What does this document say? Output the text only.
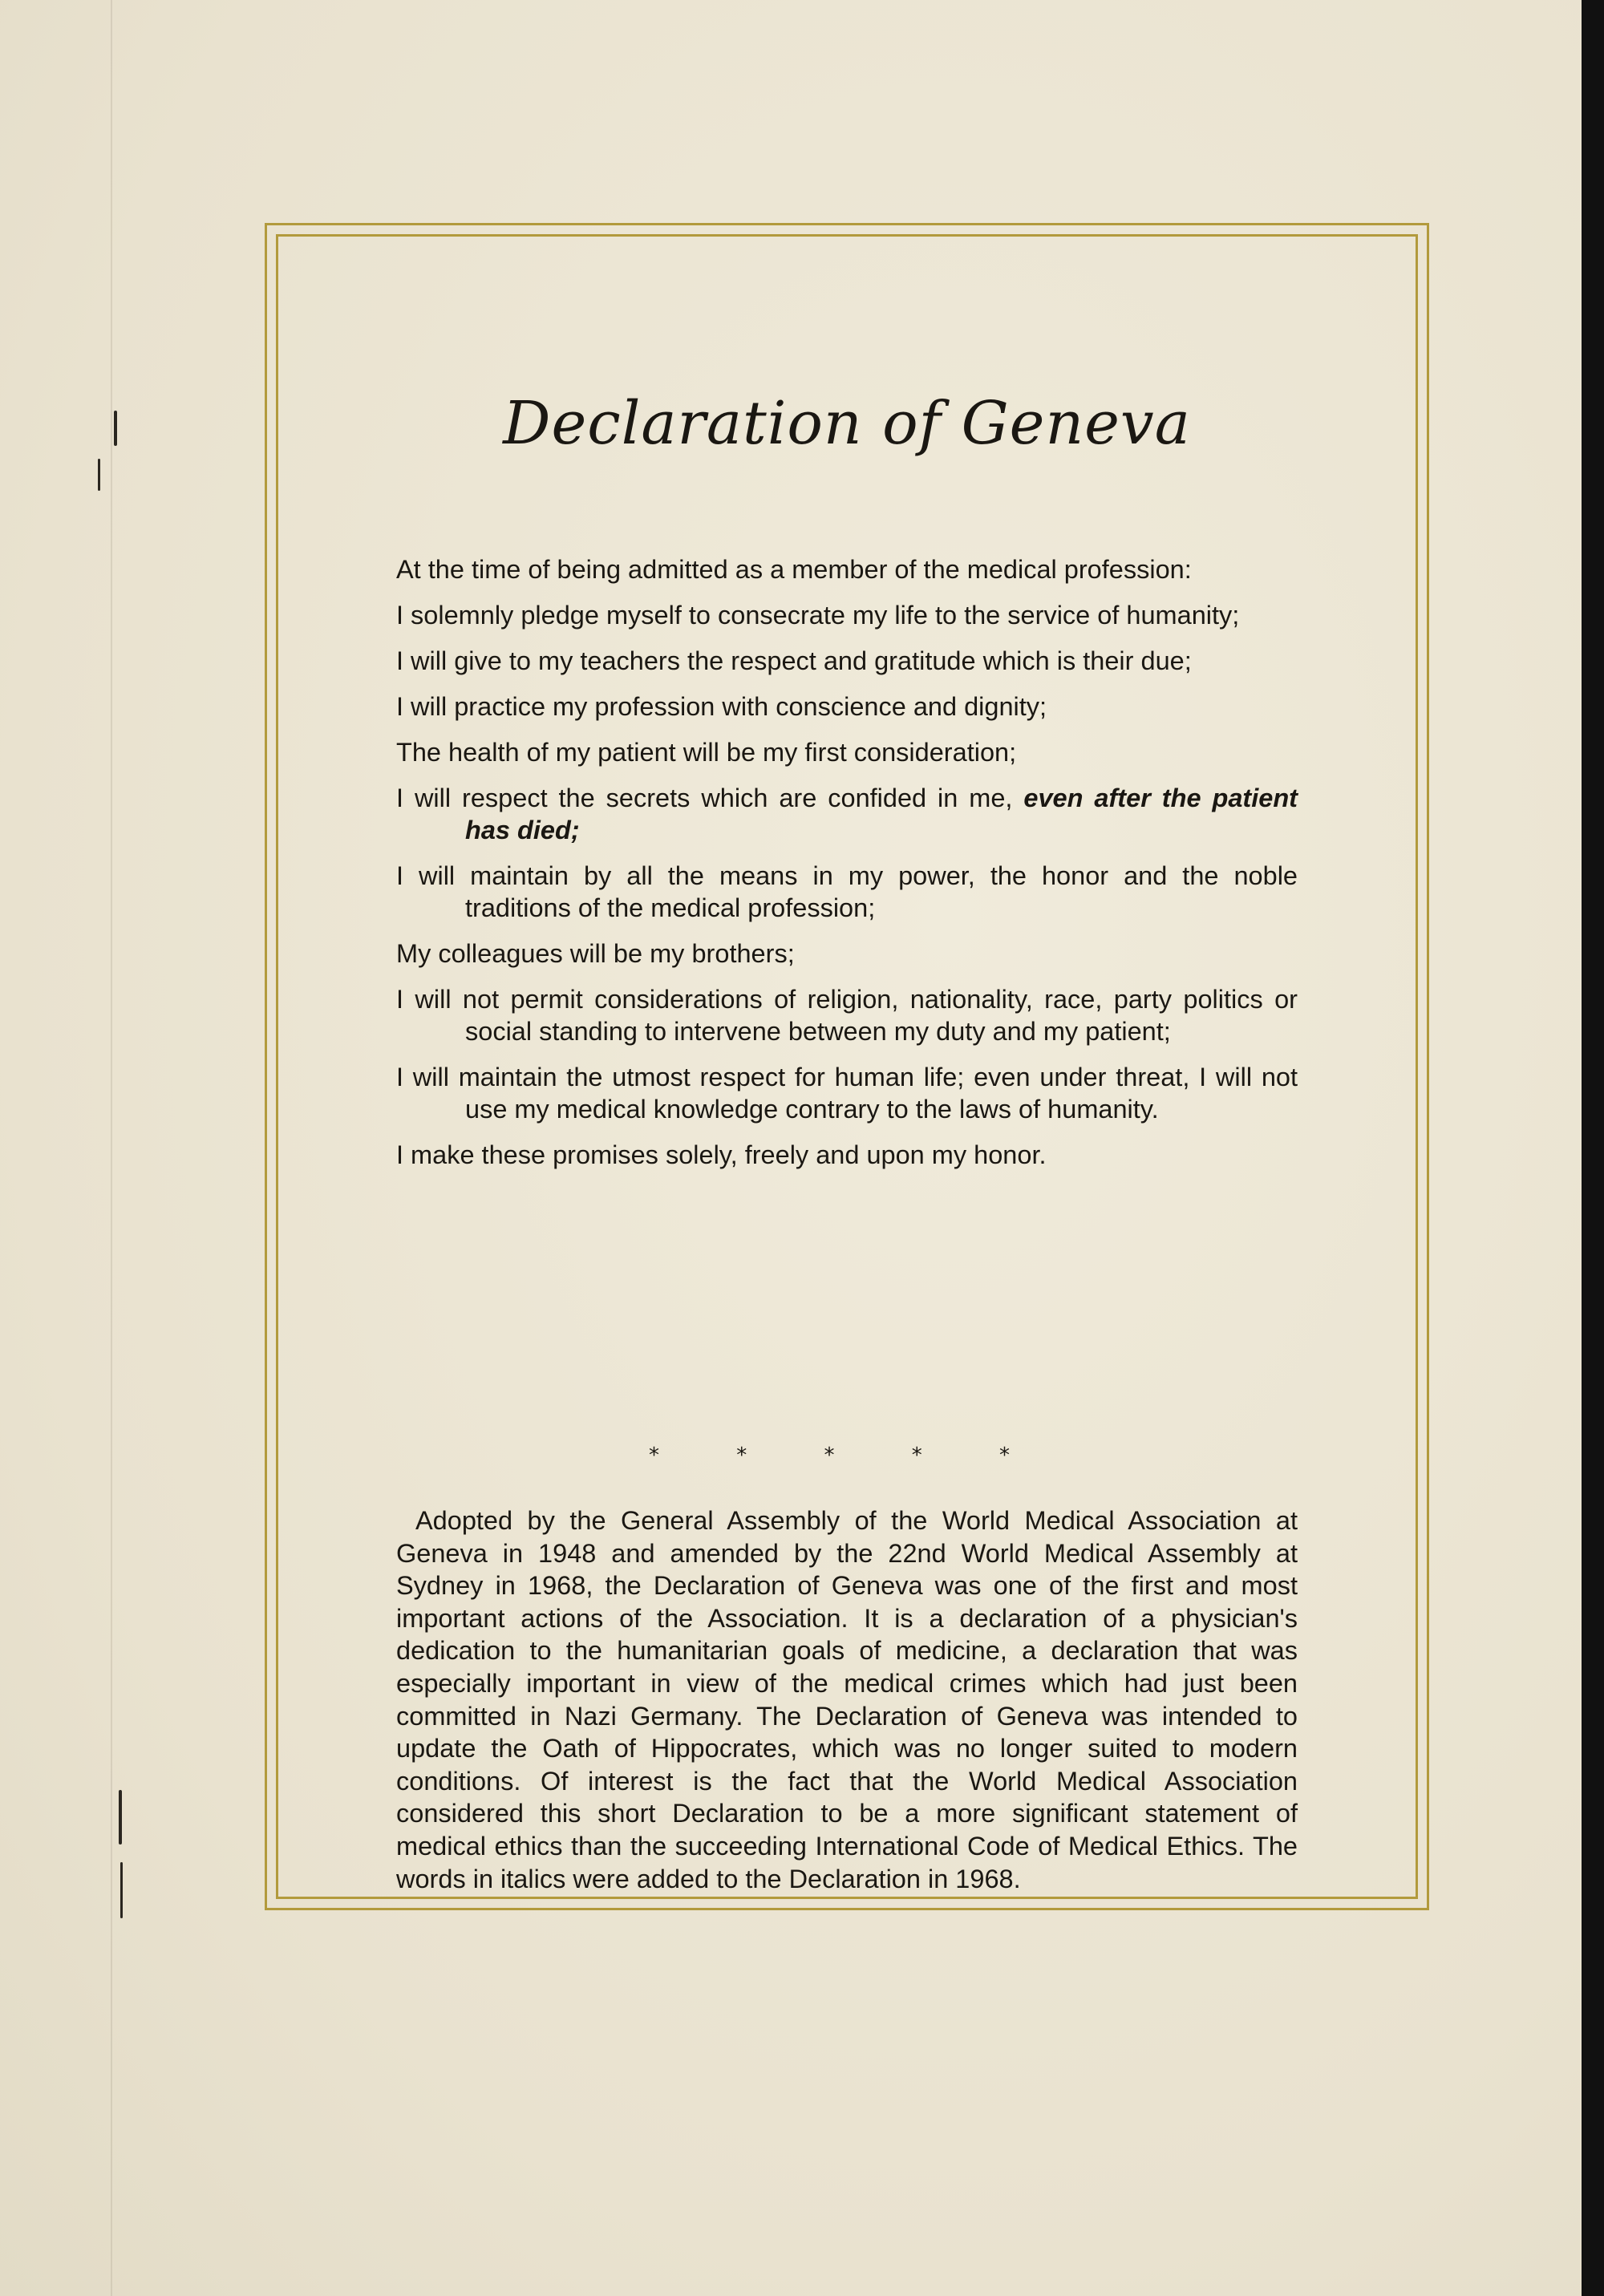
Declaration of Geneva

At the time of being admitted as a member of the medical profession:

I solemnly pledge myself to consecrate my life to the service of humanity;

I will give to my teachers the respect and gratitude which is their due;

I will practice my profession with conscience and dignity;

The health of my patient will be my first consideration;

I will respect the secrets which are confided in me, even after the patient has died;

I will maintain by all the means in my power, the honor and the noble traditions of the medical profession;

My colleagues will be my brothers;

I will not permit considerations of religion, nationality, race, party politics or social standing to intervene between my duty and my patient;

I will maintain the utmost respect for human life; even under threat, I will not use my medical knowledge contrary to the laws of humanity.

I make these promises solely, freely and upon my honor.

* * * * *

Adopted by the General Assembly of the World Medical Association at Geneva in 1948 and amended by the 22nd World Medical Assembly at Sydney in 1968, the Declaration of Geneva was one of the first and most important actions of the Association. It is a declaration of a physician's dedication to the humanitarian goals of medicine, a declaration that was especially important in view of the medical crimes which had just been committed in Nazi Germany. The Declaration of Geneva was intended to update the Oath of Hippocrates, which was no longer suited to modern conditions. Of interest is the fact that the World Medical Association considered this short Declaration to be a more significant statement of medical ethics than the succeeding International Code of Medical Ethics. The words in italics were added to the Declaration in 1968.
